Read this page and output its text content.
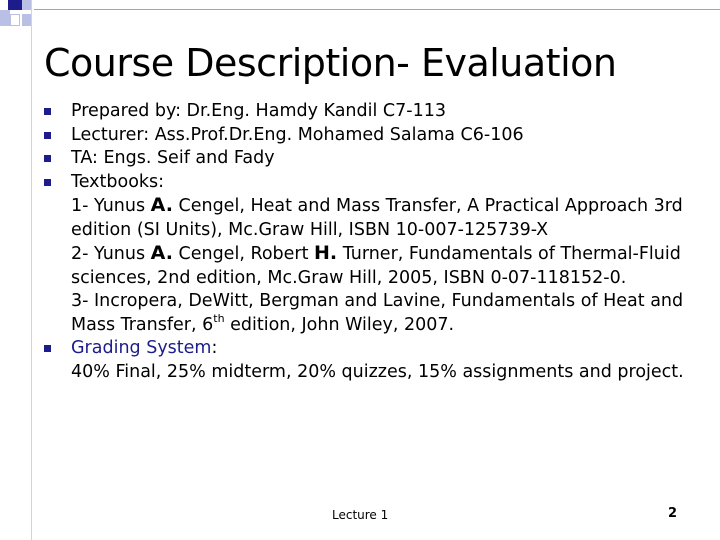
Course Description- Evaluation
Prepared by: Dr.Eng. Hamdy Kandil C7-113
Lecturer: Ass.Prof.Dr.Eng. Mohamed Salama C6-106
TA: Engs. Seif and Fady
Textbooks:
1- Yunus A. Cengel, Heat and Mass Transfer, A Practical Approach 3rd edition (SI Units), Mc.Graw Hill, ISBN 10-007-125739-X
2- Yunus A. Cengel, Robert H. Turner, Fundamentals of Thermal-Fluid sciences, 2nd edition, Mc.Graw Hill, 2005, ISBN 0-07-118152-0.
3- Incropera, DeWitt, Bergman and Lavine, Fundamentals of Heat and Mass Transfer, 6th edition, John Wiley, 2007.
Grading System:
40% Final, 25% midterm, 20% quizzes, 15% assignments and project.
Lecture 1	2
